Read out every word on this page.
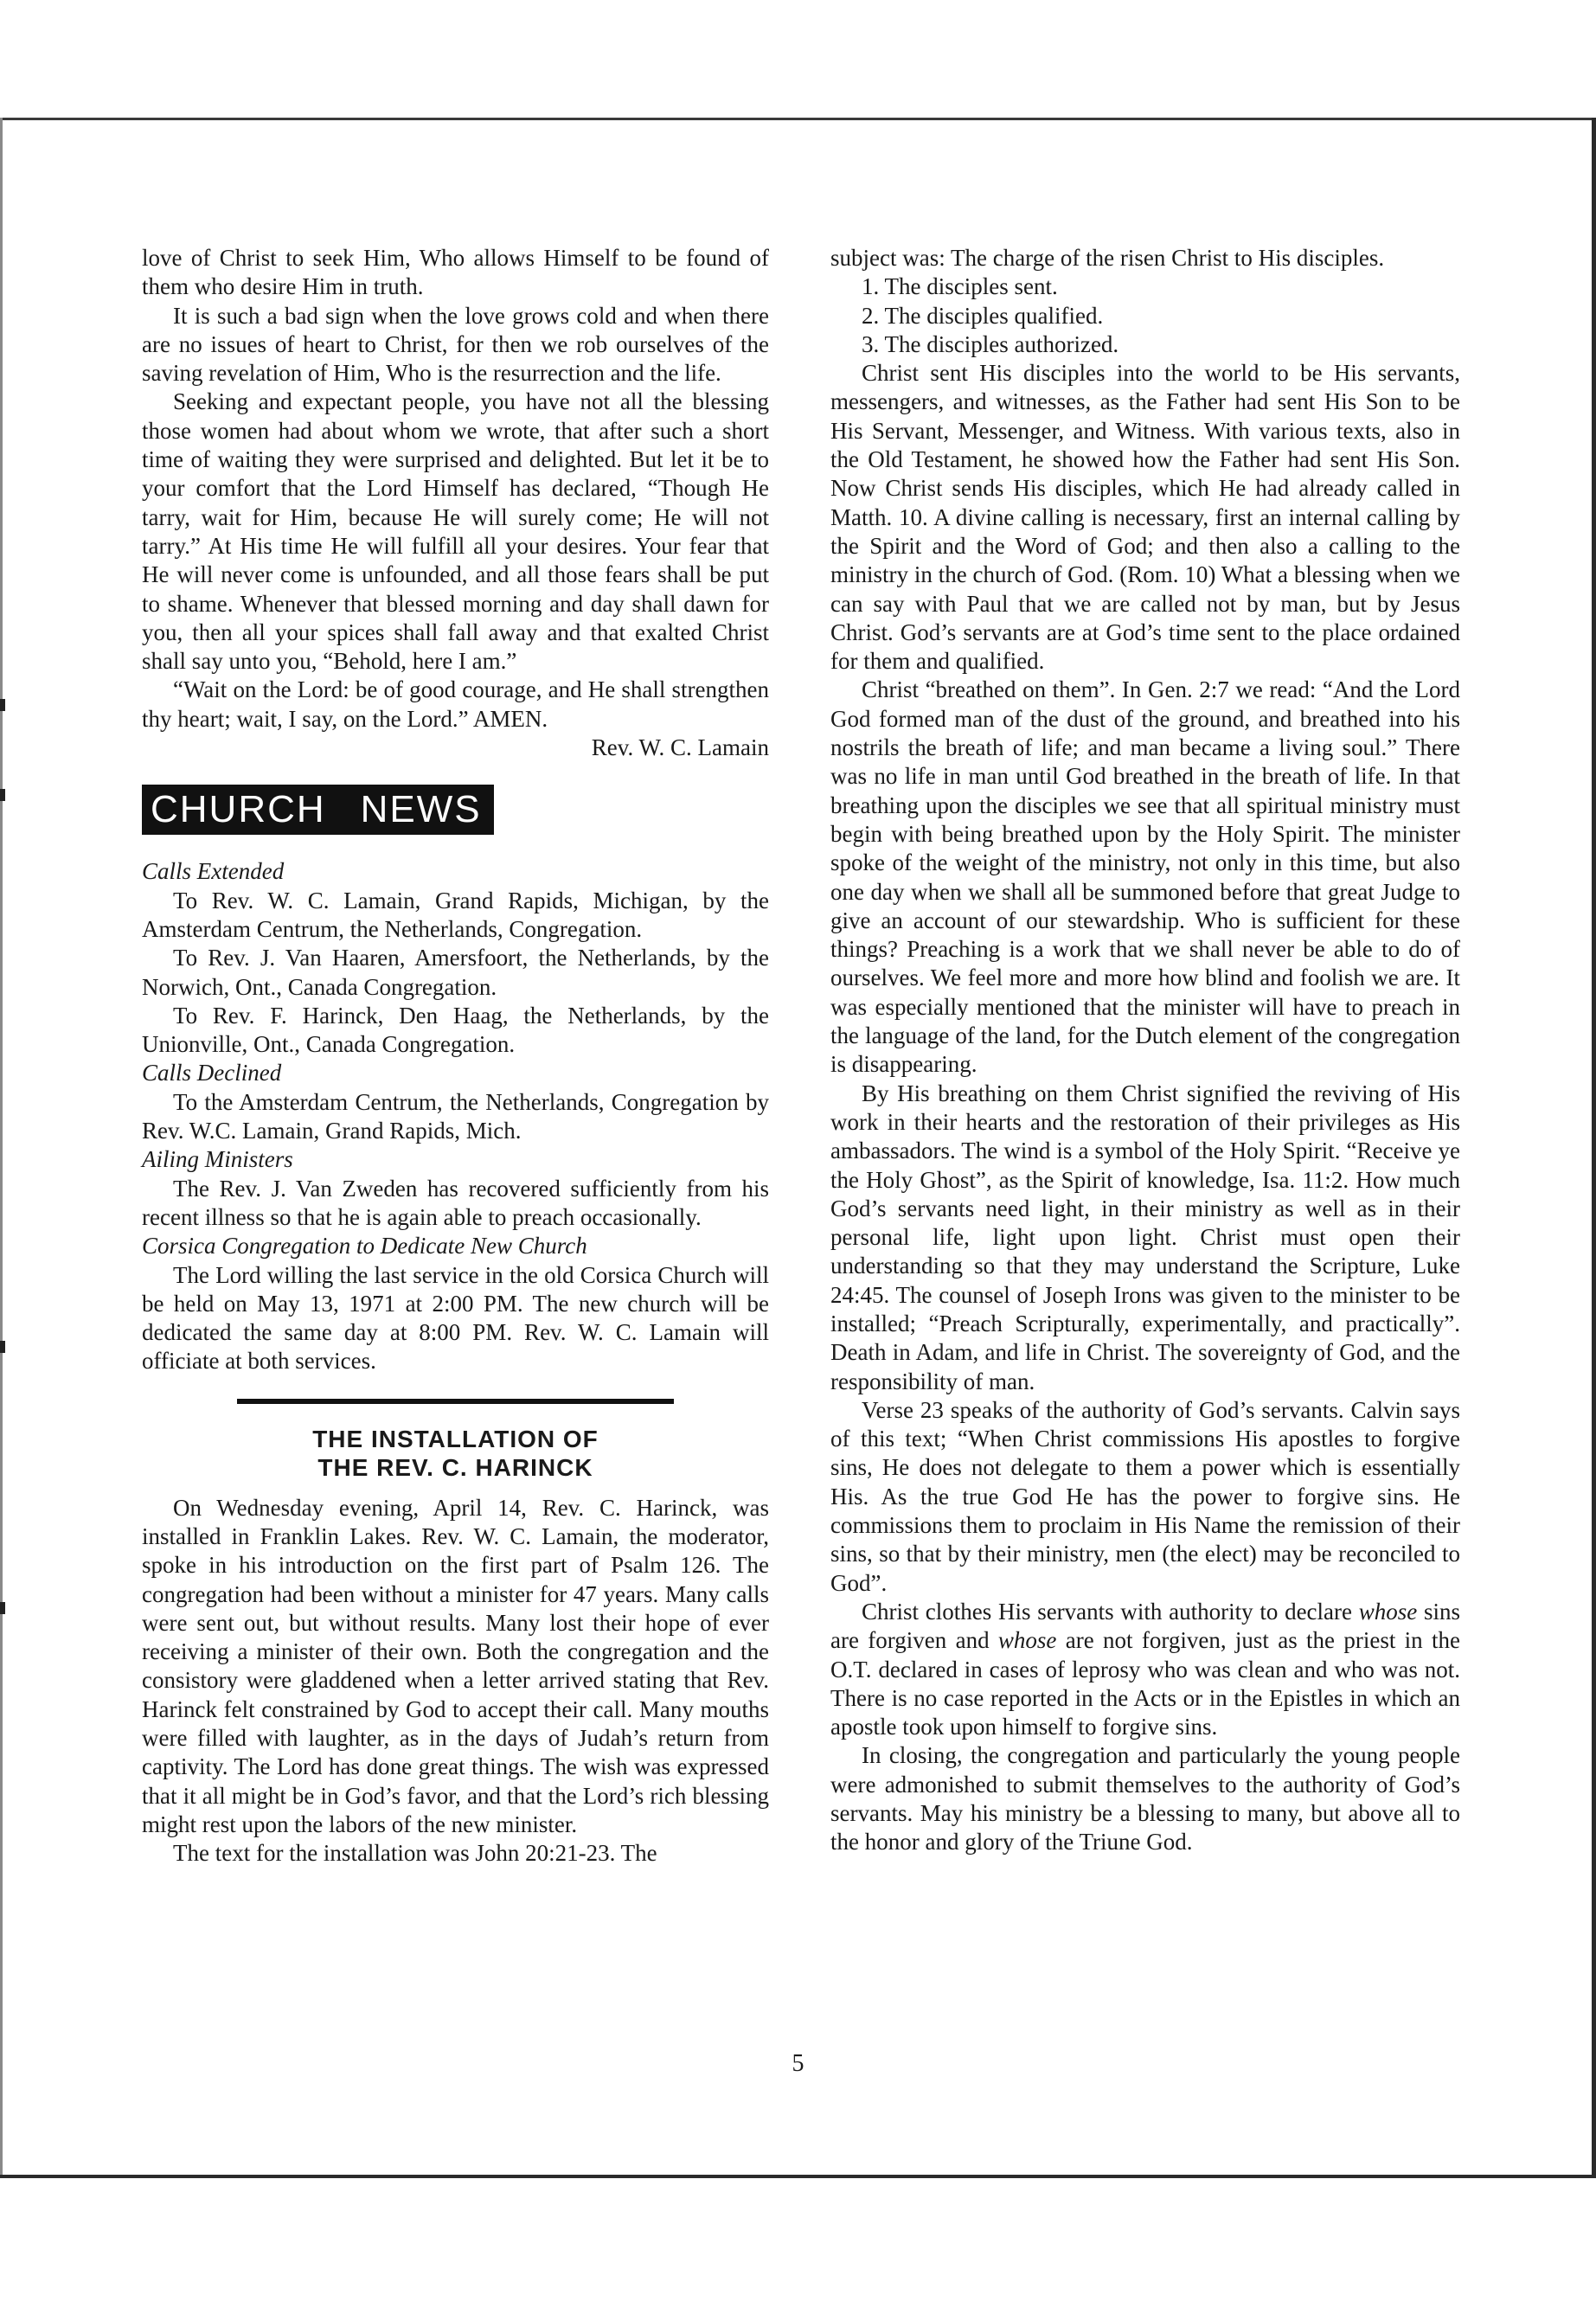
love of Christ to seek Him, Who allows Himself to be found of them who desire Him in truth.

It is such a bad sign when the love grows cold and when there are no issues of heart to Christ, for then we rob ourselves of the saving revelation of Him, Who is the resurrection and the life.

Seeking and expectant people, you have not all the blessing those women had about whom we wrote, that after such a short time of waiting they were surprised and delighted. But let it be to your comfort that the Lord Himself has declared, “Though He tarry, wait for Him, because He will surely come; He will not tarry.” At His time He will fulfill all your desires. Your fear that He will never come is unfounded, and all those fears shall be put to shame. Whenever that blessed morning and day shall dawn for you, then all your spices shall fall away and that exalted Christ shall say unto you, “Behold, here I am.”

“Wait on the Lord: be of good courage, and He shall strengthen thy heart; wait, I say, on the Lord.” AMEN.

Rev. W. C. Lamain
CHURCH NEWS

Calls Extended

To Rev. W. C. Lamain, Grand Rapids, Michigan, by the Amsterdam Centrum, the Netherlands, Congregation.

To Rev. J. Van Haaren, Amersfoort, the Netherlands, by the Norwich, Ont., Canada Congregation.

To Rev. F. Harinck, Den Haag, the Netherlands, by the Unionville, Ont., Canada Congregation.

Calls Declined

To the Amsterdam Centrum, the Netherlands, Congregation by Rev. W.C. Lamain, Grand Rapids, Mich.

Ailing Ministers

The Rev. J. Van Zweden has recovered sufficiently from his recent illness so that he is again able to preach occasionally.

Corsica Congregation to Dedicate New Church

The Lord willing the last service in the old Corsica Church will be held on May 13, 1971 at 2:00 PM. The new church will be dedicated the same day at 8:00 PM. Rev. W. C. Lamain will officiate at both services.

THE INSTALLATION OF
THE REV. C. HARINCK

On Wednesday evening, April 14, Rev. C. Harinck, was installed in Franklin Lakes. Rev. W. C. Lamain, the moderator, spoke in his introduction on the first part of Psalm 126. The congregation had been without a minister for 47 years. Many calls were sent out, but without results. Many lost their hope of ever receiving a minister of their own. Both the congregation and the consistory were gladdened when a letter arrived stating that Rev. Harinck felt constrained by God to accept their call. Many mouths were filled with laughter, as in the days of Judah’s return from captivity. The Lord has done great things. The wish was expressed that it all might be in God’s favor, and that the Lord’s rich blessing might rest upon the labors of the new minister.

The text for the installation was John 20:21-23. The

subject was: The charge of the risen Christ to His disciples.

1. The disciples sent.

2. The disciples qualified.

3. The disciples authorized.

Christ sent His disciples into the world to be His servants, messengers, and witnesses, as the Father had sent His Son to be His Servant, Messenger, and Witness. With various texts, also in the Old Testament, he showed how the Father had sent His Son. Now Christ sends His disciples, which He had already called in Matth. 10. A divine calling is necessary, first an internal calling by the Spirit and the Word of God; and then also a calling to the ministry in the church of God. (Rom. 10) What a blessing when we can say with Paul that we are called not by man, but by Jesus Christ. God’s servants are at God’s time sent to the place ordained for them and qualified.

Christ “breathed on them”. In Gen. 2:7 we read: “And the Lord God formed man of the dust of the ground, and breathed into his nostrils the breath of life; and man became a living soul.” There was no life in man until God breathed in the breath of life. In that breathing upon the disciples we see that all spiritual ministry must begin with being breathed upon by the Holy Spirit. The minister spoke of the weight of the ministry, not only in this time, but also one day when we shall all be summoned before that great Judge to give an account of our stewardship. Who is sufficient for these things? Preaching is a work that we shall never be able to do of ourselves. We feel more and more how blind and foolish we are. It was especially mentioned that the minister will have to preach in the language of the land, for the Dutch element of the congregation is disappearing.

By His breathing on them Christ signified the reviving of His work in their hearts and the restoration of their privileges as His ambassadors. The wind is a symbol of the Holy Spirit. “Receive ye the Holy Ghost”, as the Spirit of knowledge, Isa. 11:2. How much God’s servants need light, in their ministry as well as in their personal life, light upon light. Christ must open their understanding so that they may understand the Scripture, Luke 24:45. The counsel of Joseph Irons was given to the minister to be installed; “Preach Scripturally, experimentally, and practically”. Death in Adam, and life in Christ. The sovereignty of God, and the responsibility of man.

Verse 23 speaks of the authority of God’s servants. Calvin says of this text; “When Christ commissions His apostles to forgive sins, He does not delegate to them a power which is essentially His. As the true God He has the power to forgive sins. He commissions them to proclaim in His Name the remission of their sins, so that by their ministry, men (the elect) may be reconciled to God”.

Christ clothes His servants with authority to declare whose sins are forgiven and whose are not forgiven, just as the priest in the O.T. declared in cases of leprosy who was clean and who was not. There is no case reported in the Acts or in the Epistles in which an apostle took upon himself to forgive sins.

In closing, the congregation and particularly the young people were admonished to submit themselves to the authority of God’s servants. May his ministry be a blessing to many, but above all to the honor and glory of the Triune God.

5
